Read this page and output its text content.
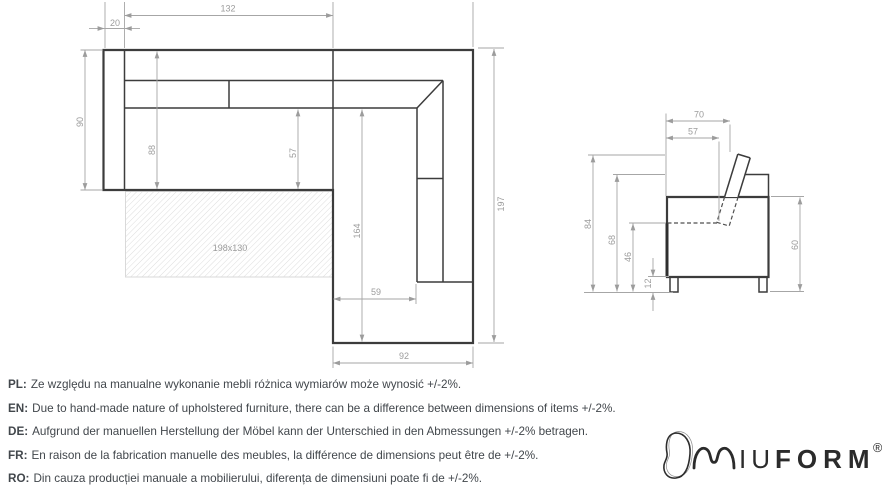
198x130
132
20
90
88	57
164
197
59
92
70
57
84
68
46
12
60
PL: Ze względu na manualne wykonanie mebli różnica wymiarów może wynosić +/-2%.
EN: Due to hand-made nature of upholstered furniture, there can be a difference between dimensions of items +/-2%.
DE: Aufgrund der manuellen Herstellung der Möbel kann der Unterschied in den Abmessungen +/-2% betragen.
FR: En raison de la fabrication manuelle des meubles, la différence de dimensions peut être de +/-2%.
RO: Din cauza producției manuale a mobilierului, diferența de dimensiuni poate fi de +/-2%.
IU FORM
®
